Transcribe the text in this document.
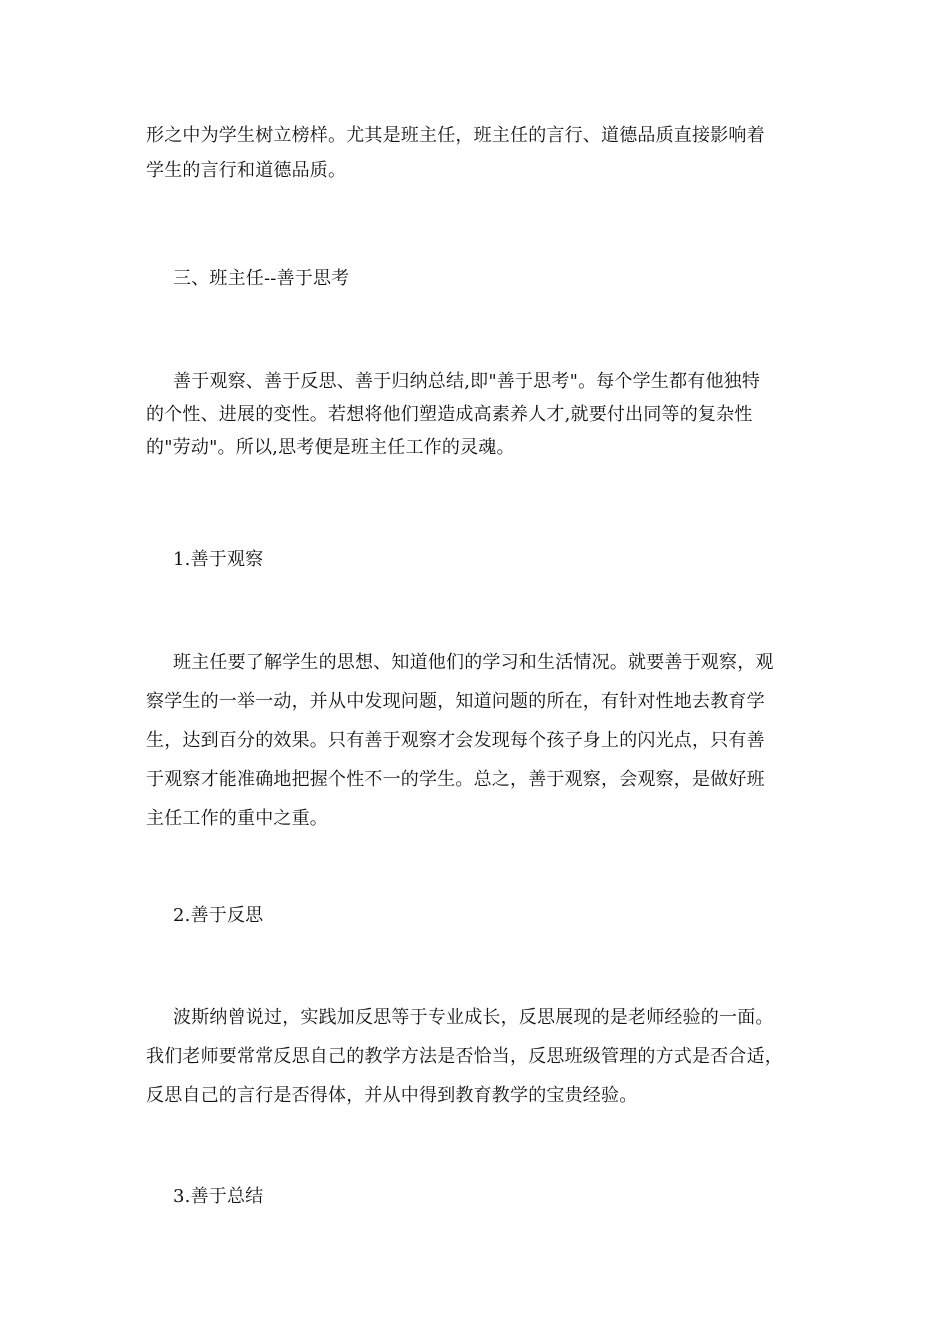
形之中为学生树立榜样。尤其是班主任，班主任的言行、道德品质直接影响着
学生的言行和道德品质。
三、班主任--善于思考
善于观察、善于反思、善于归纳总结,即"善于思考"。每个学生都有他独特
的个性、进展的变性。若想将他们塑造成高素养人才,就要付出同等的复杂性
的"劳动"。所以,思考便是班主任工作的灵魂。
1.善于观察
班主任要了解学生的思想、知道他们的学习和生活情况。就要善于观察，观
察学生的一举一动，并从中发现问题，知道问题的所在，有针对性地去教育学
生，达到百分的效果。只有善于观察才会发现每个孩子身上的闪光点，只有善
于观察才能准确地把握个性不一的学生。总之，善于观察，会观察，是做好班
主任工作的重中之重。
2.善于反思
波斯纳曾说过，实践加反思等于专业成长，反思展现的是老师经验的一面。
我们老师要常常反思自己的教学方法是否恰当，反思班级管理的方式是否合适，
反思自己的言行是否得体，并从中得到教育教学的宝贵经验。
3.善于总结
